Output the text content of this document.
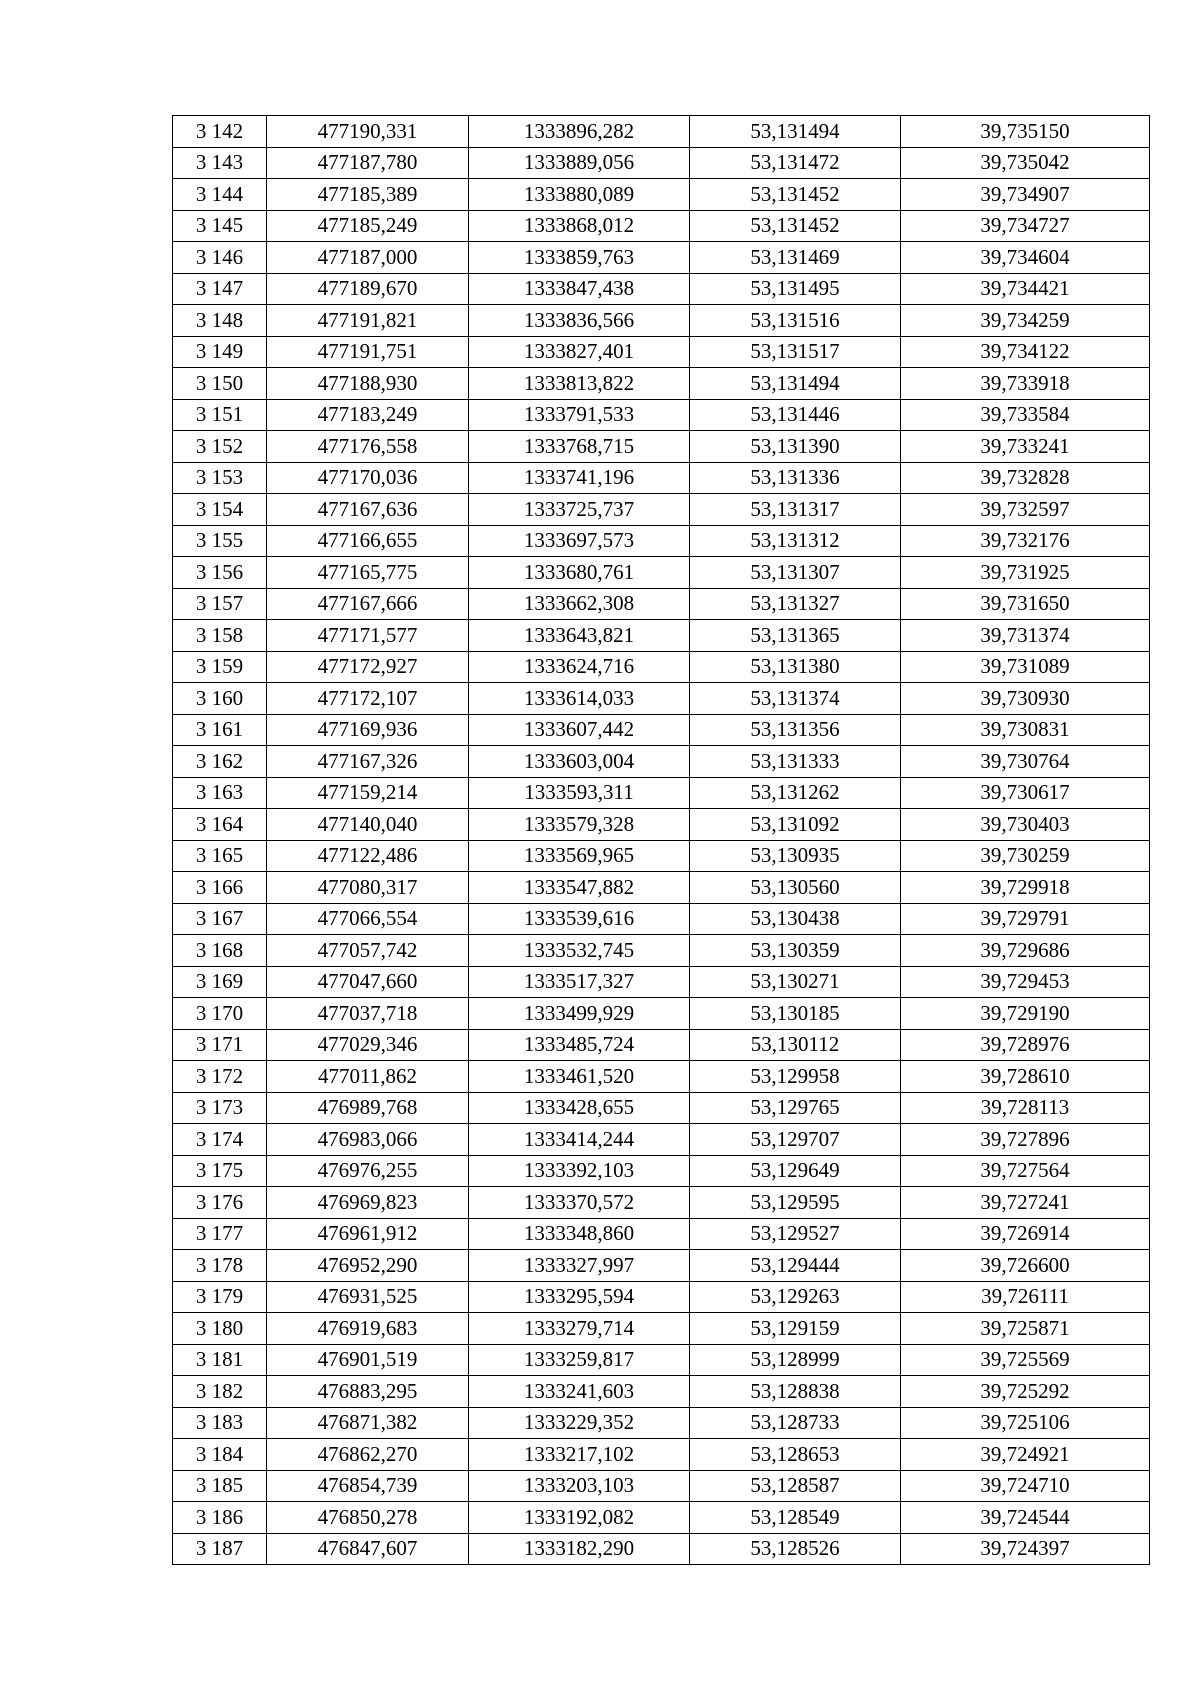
3 142	477190,331	1333896,282	53,131494	39,735150
3 143	477187,780	1333889,056	53,131472	39,735042
3 144	477185,389	1333880,089	53,131452	39,734907
3 145	477185,249	1333868,012	53,131452	39,734727
3 146	477187,000	1333859,763	53,131469	39,734604
3 147	477189,670	1333847,438	53,131495	39,734421
3 148	477191,821	1333836,566	53,131516	39,734259
3 149	477191,751	1333827,401	53,131517	39,734122
3 150	477188,930	1333813,822	53,131494	39,733918
3 151	477183,249	1333791,533	53,131446	39,733584
3 152	477176,558	1333768,715	53,131390	39,733241
3 153	477170,036	1333741,196	53,131336	39,732828
3 154	477167,636	1333725,737	53,131317	39,732597
3 155	477166,655	1333697,573	53,131312	39,732176
3 156	477165,775	1333680,761	53,131307	39,731925
3 157	477167,666	1333662,308	53,131327	39,731650
3 158	477171,577	1333643,821	53,131365	39,731374
3 159	477172,927	1333624,716	53,131380	39,731089
3 160	477172,107	1333614,033	53,131374	39,730930
3 161	477169,936	1333607,442	53,131356	39,730831
3 162	477167,326	1333603,004	53,131333	39,730764
3 163	477159,214	1333593,311	53,131262	39,730617
3 164	477140,040	1333579,328	53,131092	39,730403
3 165	477122,486	1333569,965	53,130935	39,730259
3 166	477080,317	1333547,882	53,130560	39,729918
3 167	477066,554	1333539,616	53,130438	39,729791
3 168	477057,742	1333532,745	53,130359	39,729686
3 169	477047,660	1333517,327	53,130271	39,729453
3 170	477037,718	1333499,929	53,130185	39,729190
3 171	477029,346	1333485,724	53,130112	39,728976
3 172	477011,862	1333461,520	53,129958	39,728610
3 173	476989,768	1333428,655	53,129765	39,728113
3 174	476983,066	1333414,244	53,129707	39,727896
3 175	476976,255	1333392,103	53,129649	39,727564
3 176	476969,823	1333370,572	53,129595	39,727241
3 177	476961,912	1333348,860	53,129527	39,726914
3 178	476952,290	1333327,997	53,129444	39,726600
3 179	476931,525	1333295,594	53,129263	39,726111
3 180	476919,683	1333279,714	53,129159	39,725871
3 181	476901,519	1333259,817	53,128999	39,725569
3 182	476883,295	1333241,603	53,128838	39,725292
3 183	476871,382	1333229,352	53,128733	39,725106
3 184	476862,270	1333217,102	53,128653	39,724921
3 185	476854,739	1333203,103	53,128587	39,724710
3 186	476850,278	1333192,082	53,128549	39,724544
3 187	476847,607	1333182,290	53,128526	39,724397
